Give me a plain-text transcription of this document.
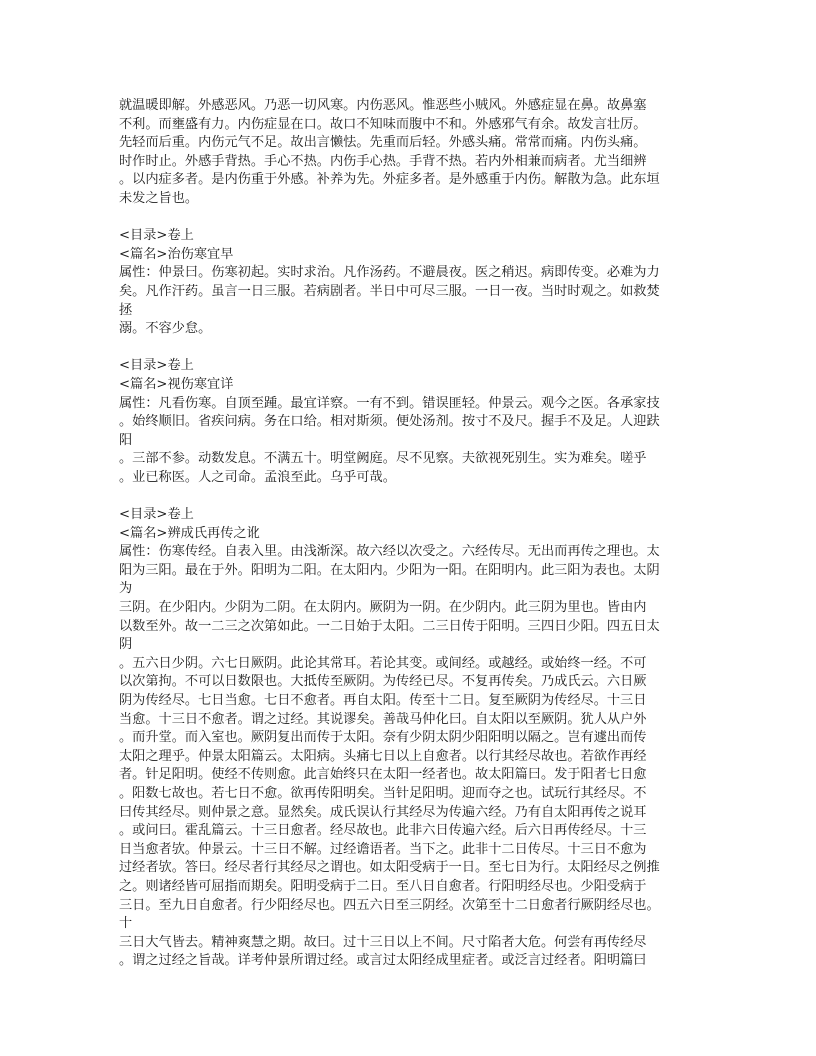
就温暖即解。外感恶风。乃恶一切风寒。内伤恶风。惟恶些小贼风。外感症显在鼻。故鼻塞
不利。而壅盛有力。内伤症显在口。故口不知味而腹中不和。外感邪气有余。故发言壮厉。
先轻而后重。内伤元气不足。故出言懒怯。先重而后轻。外感头痛。常常而痛。内伤头痛。
时作时止。外感手背热。手心不热。内伤手心热。手背不热。若内外相兼而病者。尤当细辨
。以内症多者。是内伤重于外感。补养为先。外症多者。是外感重于内伤。解散为急。此东垣
未发之旨也。
<目录>卷上
<篇名>治伤寒宜早
属性：仲景曰。伤寒初起。实时求治。凡作汤药。不避晨夜。医之稍迟。病即传变。必难为力
矣。凡作汗药。虽言一日三服。若病剧者。半日中可尽三服。一日一夜。当时时观之。如救焚
拯
溺。不容少怠。
<目录>卷上
<篇名>视伤寒宜详
属性：凡看伤寒。自顶至踵。最宜详察。一有不到。错误匪轻。仲景云。观今之医。各承家技
。始终顺旧。省疾问病。务在口给。相对斯须。便处汤剂。按寸不及尺。握手不及足。人迎趺
阳
。三部不参。动数发息。不满五十。明堂阙庭。尽不见察。夫欲视死别生。实为难矣。嗟乎
。业已称医。人之司命。孟浪至此。乌乎可哉。
<目录>卷上
<篇名>辨成氏再传之讹
属性：伤寒传经。自表入里。由浅渐深。故六经以次受之。六经传尽。无出而再传之理也。太
阳为三阳。最在于外。阳明为二阳。在太阳内。少阳为一阳。在阳明内。此三阳为表也。太阴
为
三阴。在少阳内。少阴为二阴。在太阴内。厥阴为一阴。在少阴内。此三阴为里也。皆由内
以数至外。故一二三之次第如此。一二日始于太阳。二三日传于阳明。三四日少阳。四五日太
阴
。五六日少阴。六七日厥阴。此论其常耳。若论其变。或间经。或越经。或始终一经。不可
以次第拘。不可以日数限也。大抵传至厥阴。为传经已尽。不复再传矣。乃成氏云。六日厥
阴为传经尽。七日当愈。七日不愈者。再自太阳。传至十二日。复至厥阴为传经尽。十三日
当愈。十三日不愈者。谓之过经。其说谬矣。善哉马仲化曰。自太阳以至厥阴。犹人从户外
。而升堂。而入室也。厥阴复出而传于太阳。奈有少阴太阴少阳阳明以隔之。岂有遽出而传
太阳之理乎。仲景太阳篇云。太阳病。头痛七日以上自愈者。以行其经尽故也。若欲作再经
者。针足阳明。使经不传则愈。此言始终只在太阳一经者也。故太阳篇曰。发于阳者七日愈
。阳数七故也。若七日不愈。欲再传阳明矣。当针足阳明。迎而夺之也。试玩行其经尽。不
曰传其经尽。则仲景之意。显然矣。成氏误认行其经尽为传遍六经。乃有自太阳再传之说耳
。或问曰。霍乱篇云。十三日愈者。经尽故也。此非六日传遍六经。后六日再传经尽。十三
日当愈者欤。仲景云。十三日不解。过经谵语者。当下之。此非十二日传尽。十三日不愈为
过经者欤。答曰。经尽者行其经尽之谓也。如太阳受病于一日。至七日为行。太阳经尽之例推
之。则诸经皆可屈指而期矣。阳明受病于二日。至八日自愈者。行阳明经尽也。少阳受病于
三日。至九日自愈者。行少阳经尽也。四五六日至三阴经。次第至十二日愈者行厥阴经尽也。
十
三日大气皆去。精神爽慧之期。故曰。过十三日以上不间。尺寸陷者大危。何尝有再传经尽
。谓之过经之旨哉。详考仲景所谓过经。或言过太阳经成里症者。或泛言过经者。阳明篇曰
